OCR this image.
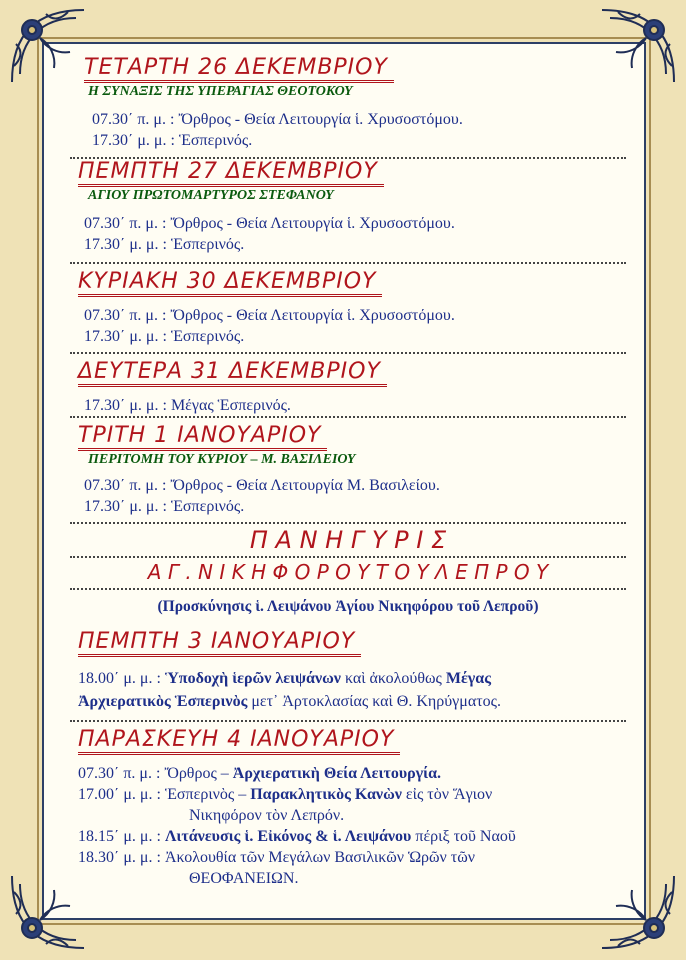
ΤΕΤΑΡΤΗ 26 ΔΕΚΕΜΒΡΙΟΥ
Η ΣΥΝΑΞΙΣ ΤΗΣ ΥΠΕΡΑΓΙΑΣ ΘΕΟΤΟΚΟΥ
07.30΄ π. μ. : Ὄρθρος - Θεία Λειτουργία ἱ. Χρυσοστόμου.
17.30΄ μ. μ. : Ἑσπερινός.
ΠΕΜΠΤΗ 27 ΔΕΚΕΜΒΡΙΟΥ
ΑΓΙΟΥ ΠΡΩΤΟΜΑΡΤΥΡΟΣ ΣΤΕΦΑΝΟΥ
07.30΄ π. μ. : Ὄρθρος - Θεία Λειτουργία ἱ. Χρυσοστόμου.
17.30΄ μ. μ. : Ἑσπερινός.
ΚΥΡΙΑΚΗ 30 ΔΕΚΕΜΒΡΙΟΥ
07.30΄ π. μ. : Ὄρθρος - Θεία Λειτουργία ἱ. Χρυσοστόμου.
17.30΄ μ. μ. : Ἑσπερινός.
ΔΕΥΤΕΡΑ 31 ΔΕΚΕΜΒΡΙΟΥ
17.30΄ μ. μ. : Μέγας Ἑσπερινός.
ΤΡΙΤΗ 1 ΙΑΝΟΥΑΡΙΟΥ
ΠΕΡΙΤΟΜΗ ΤΟΥ ΚΥΡΙΟΥ – Μ. ΒΑΣΙΛΕΙΟΥ
07.30΄ π. μ. : Ὄρθρος - Θεία Λειτουργία Μ. Βασιλείου.
17.30΄ μ. μ. : Ἑσπερινός.
Π Α Ν Η Γ Υ Ρ Ι Σ
Α Γ . Ν Ι Κ Η Φ Ο Ρ Ο Υ Τ Ο Υ Λ Ε Π Ρ Ο Υ
(Προσκύνησις ἱ. Λειψάνου Ἁγίου Νικηφόρου τοῦ Λεπροῦ)
ΠΕΜΠΤΗ 3 ΙΑΝΟΥΑΡΙΟΥ
18.00΄ μ. μ. : Ὑποδοχὴ ἱερῶν λειψάνων καὶ ἀκολούθως Μέγας
Ἀρχιερατικὸς Ἑσπερινὸς μετ᾽ Ἀρτοκλασίας καὶ Θ. Κηρύγματος.
ΠΑΡΑΣΚΕΥΗ 4 ΙΑΝΟΥΑΡΙΟΥ
07.30΄ π. μ. : Ὄρθρος – Ἀρχιερατικὴ Θεία Λειτουργία.
17.00΄ μ. μ. : Ἑσπερινὸς – Παρακλητικὸς Κανὼν εἰς τὸν Ἅγιον
Νικηφόρον τὸν Λεπρόν.
18.15΄ μ. μ. : Λιτάνευσις ἱ. Εἰκόνος & ἱ. Λειψάνου πέριξ τοῦ Ναοῦ
18.30΄ μ. μ. : Ἀκολουθία τῶν Μεγάλων Βασιλικῶν Ὡρῶν τῶν
ΘΕΟΦΑΝΕΙΩΝ.
